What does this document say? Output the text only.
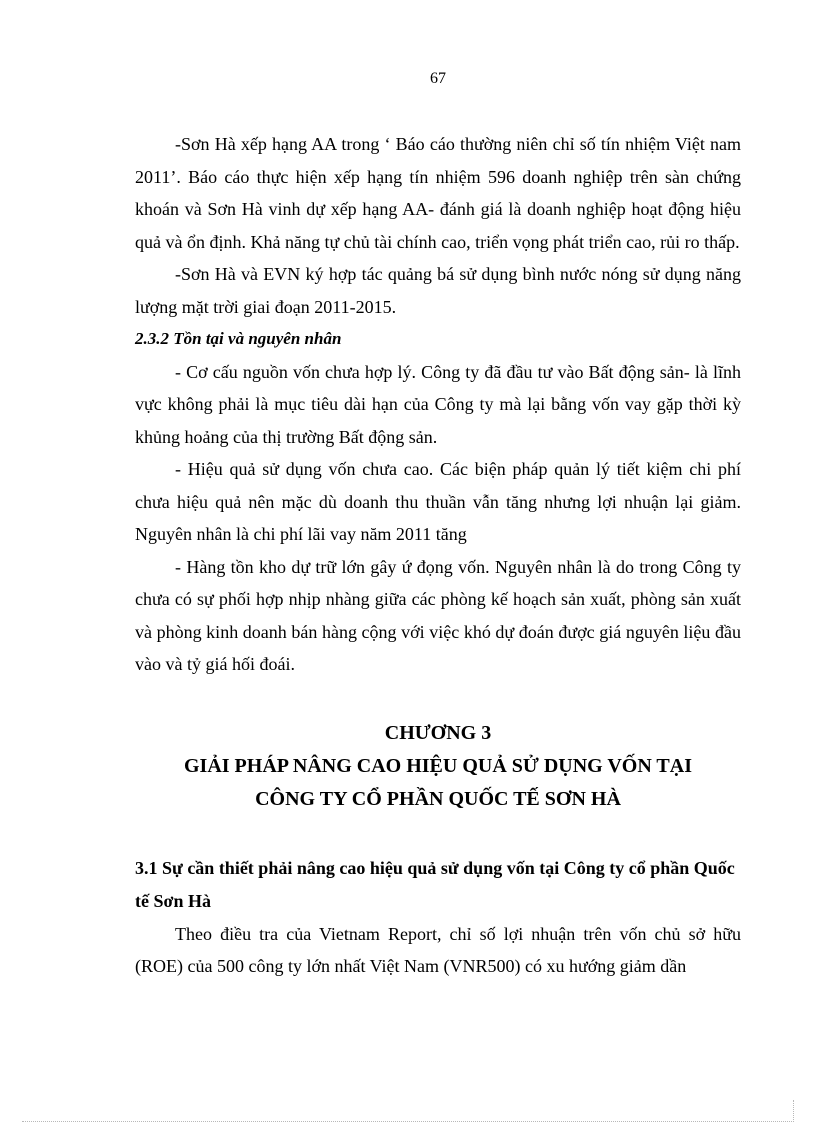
67

-Sơn Hà xếp hạng AA trong ‘ Báo cáo thường niên chỉ số tín nhiệm Việt nam 2011’. Báo cáo thực hiện xếp hạng tín nhiệm 596 doanh nghiệp trên sàn chứng khoán và Sơn Hà vinh dự xếp hạng AA- đánh giá là doanh nghiệp hoạt động hiệu quả và ổn định. Khả năng tự chủ tài chính cao, triển vọng phát triển cao, rủi ro thấp.

-Sơn Hà và EVN ký hợp tác quảng bá sử dụng bình nước nóng sử dụng năng lượng mặt trời giai đoạn 2011-2015.

2.3.2 Tồn tại và nguyên nhân

- Cơ cấu nguồn vốn chưa hợp lý. Công ty đã đầu tư vào Bất động sản- là lĩnh vực không phải là mục tiêu dài hạn của Công ty mà lại bằng vốn vay gặp thời kỳ khủng hoảng của thị trường Bất động sản.

- Hiệu quả sử dụng vốn chưa cao. Các biện pháp quản lý tiết kiệm chi phí chưa hiệu quả nên mặc dù doanh thu thuần vẫn tăng nhưng lợi nhuận lại giảm. Nguyên nhân là chi phí lãi vay năm 2011 tăng

- Hàng tồn kho dự trữ lớn gây ứ đọng vốn. Nguyên nhân là do trong Công ty chưa có sự phối hợp nhịp nhàng giữa các phòng kế hoạch sản xuất, phòng sản xuất và phòng kinh doanh bán hàng cộng với việc khó dự đoán được giá nguyên liệu đầu vào và tỷ giá hối đoái.

CHƯƠNG 3
GIẢI PHÁP NÂNG CAO HIỆU QUẢ SỬ DỤNG VỐN TẠI
CÔNG TY CỔ PHẦN QUỐC TẾ SƠN HÀ

3.1 Sự cần thiết phải nâng cao hiệu quả sử dụng vốn tại Công ty cổ phần Quốc tế Sơn Hà

Theo điều tra của Vietnam Report, chỉ số lợi nhuận trên vốn chủ sở hữu (ROE) của 500 công ty lớn nhất Việt Nam (VNR500) có xu hướng giảm dần
